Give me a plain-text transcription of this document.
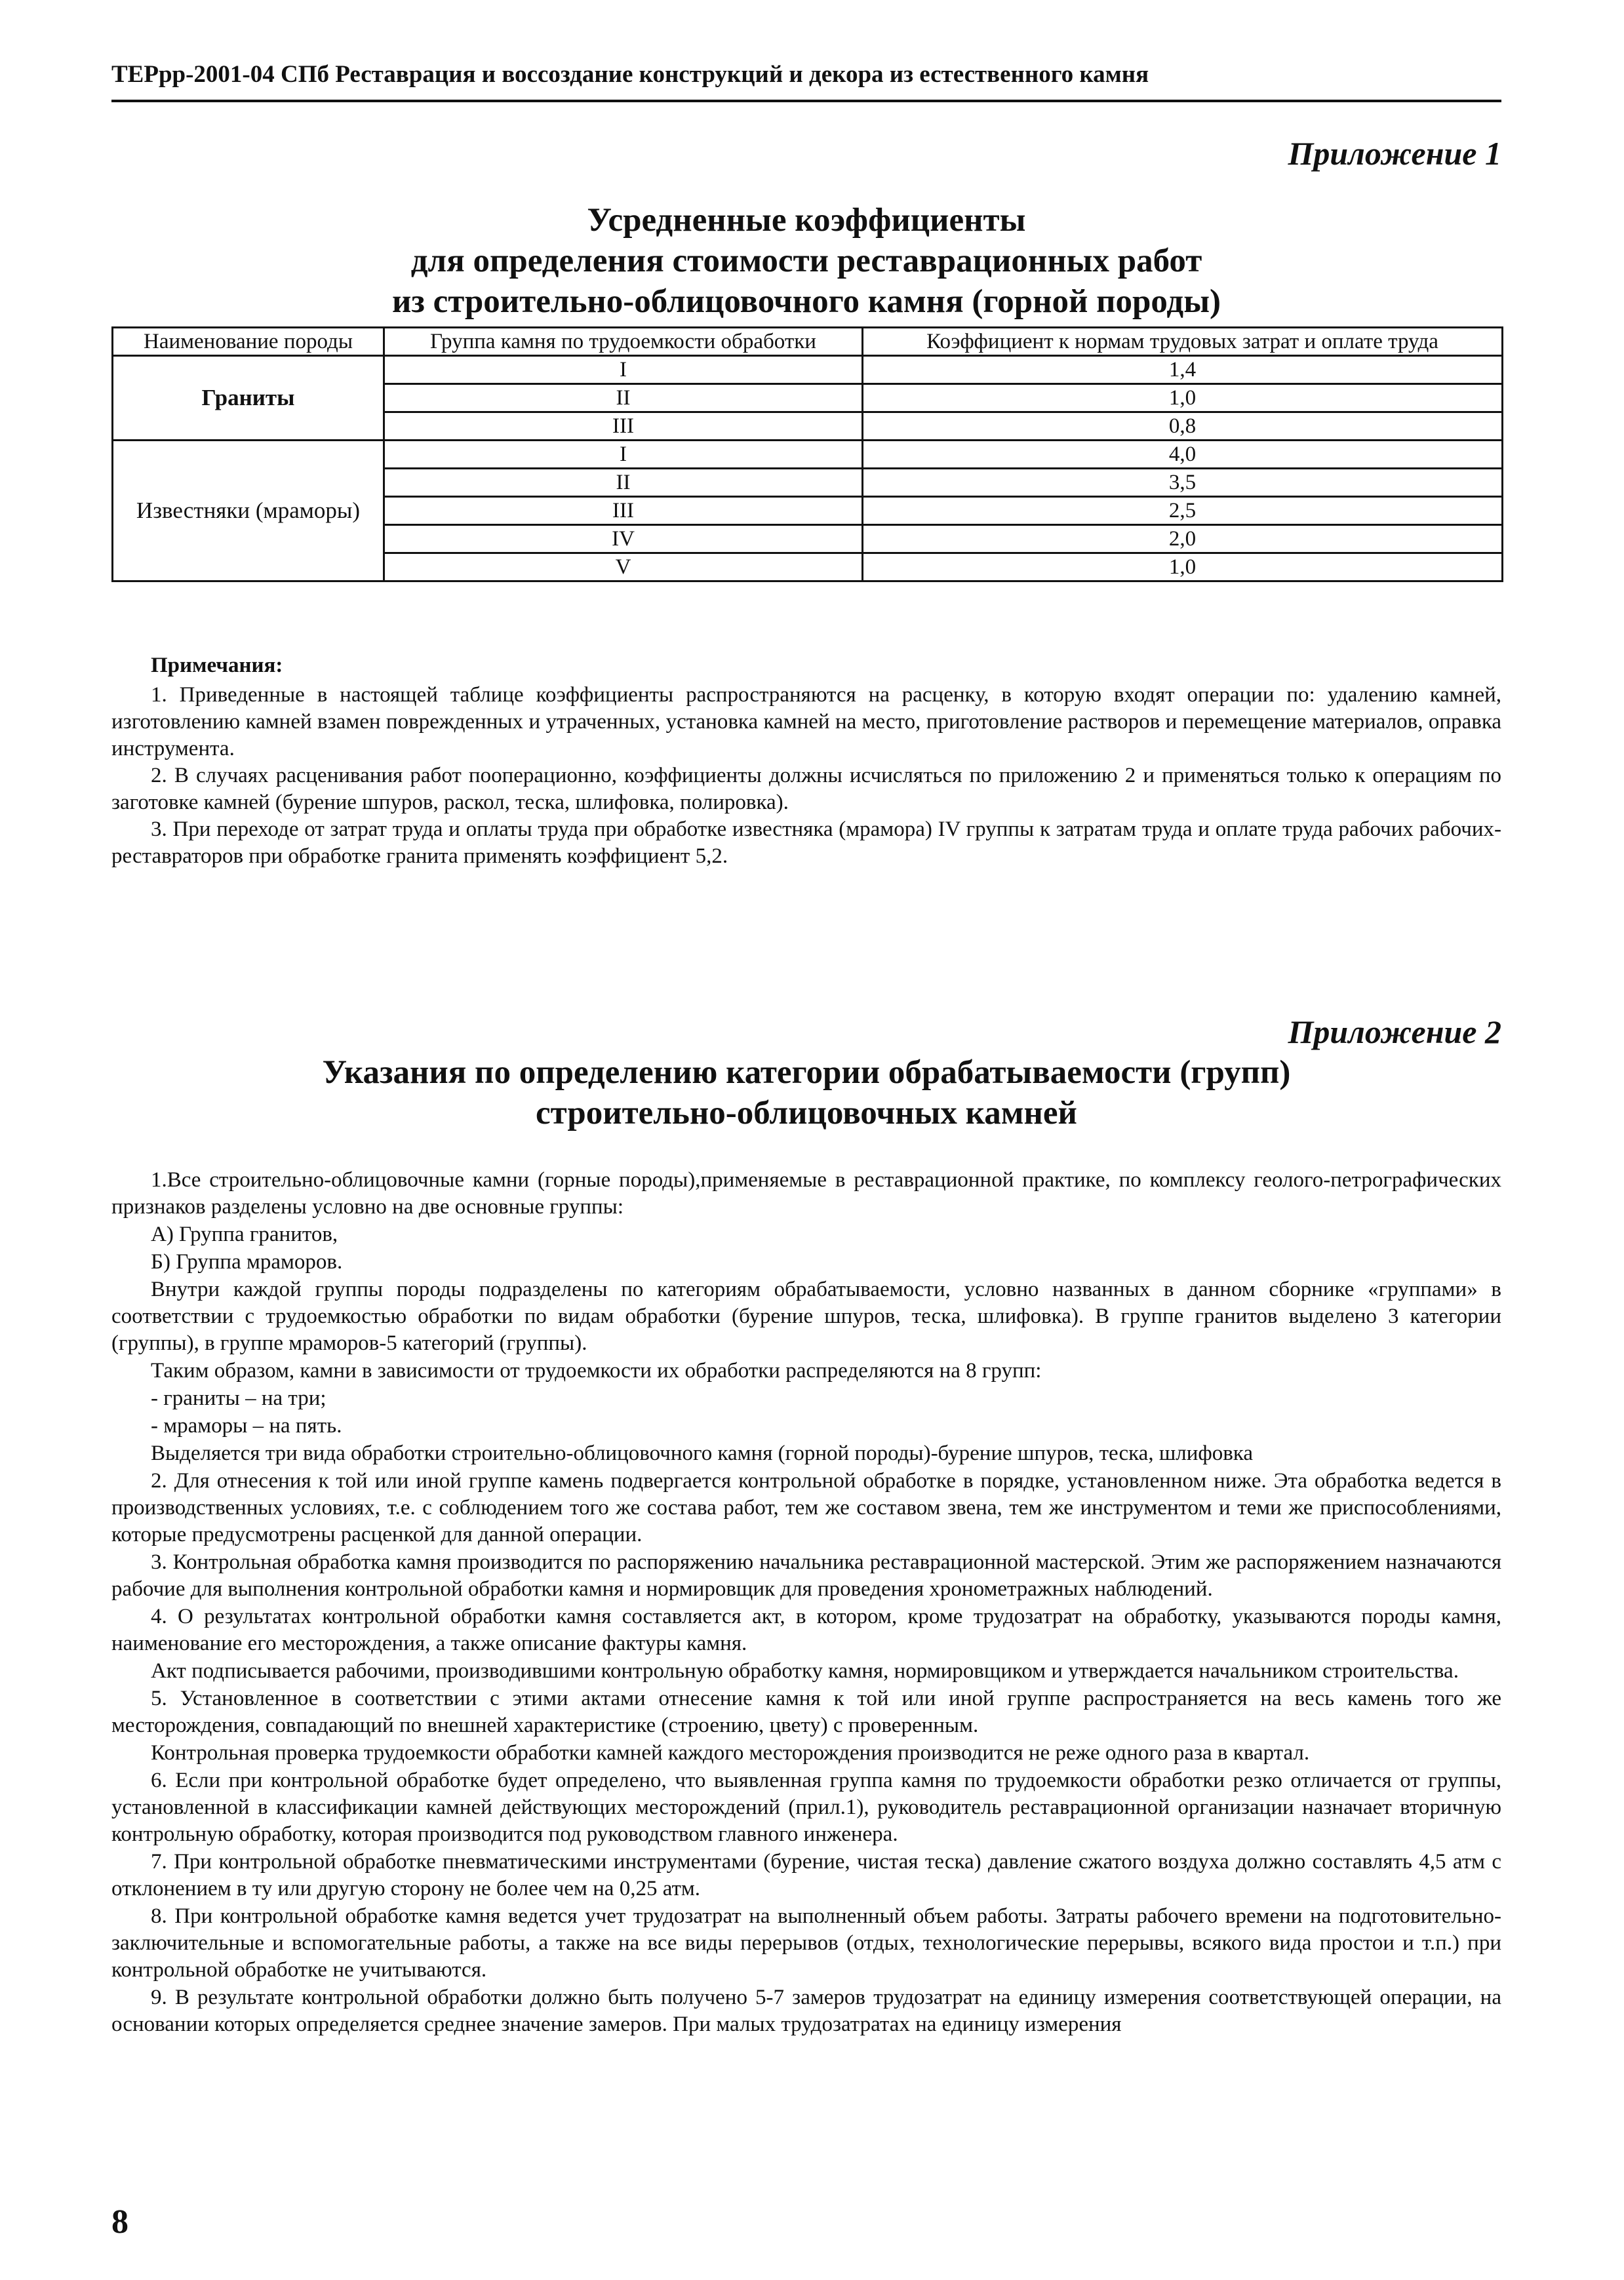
ТЕРрр-2001-04 СПб Реставрация и воссоздание конструкций и декора из естественного камня
Приложение 1
Усредненные коэффициенты
для определения стоимости реставрационных работ
из строительно-облицовочного камня (горной породы)
Наименование породы	Группа камня по трудоемкости обработки	Коэффициент к нормам трудовых затрат и оплате труда
Граниты	I	1,4
	II	1,0
	III	0,8
Известняки (мраморы)	I	4,0
	II	3,5
	III	2,5
	IV	2,0
	V	1,0

Примечания:

1. Приведенные в настоящей таблице коэффициенты распространяются на расценку, в которую входят операции по: удалению камней, изготовлению камней взамен поврежденных и утраченных, установка камней на место, приготовление растворов и перемещение материалов, оправка инструмента.

2. В случаях расценивания работ пооперационно, коэффициенты должны исчисляться по приложению 2 и применяться только к операциям по заготовке камней (бурение шпуров, раскол, теска, шлифовка, полировка).

3. При переходе от затрат труда и оплаты труда при обработке известняка (мрамора) IV группы к затратам труда и оплате труда рабочих рабочих-реставраторов при обработке гранита применять коэффициент 5,2.

Приложение 2
Указания по определению категории обрабатываемости (групп)
строительно-облицовочных камней

1.Все строительно-облицовочные камни (горные породы),применяемые в реставрационной практике, по комплексу геолого-петрографических признаков разделены условно на две основные группы:

А) Группа гранитов,

Б) Группа мраморов.

Внутри каждой группы породы подразделены по категориям обрабатываемости, условно названных в данном сборнике «группами» в соответствии с трудоемкостью обработки по видам обработки (бурение шпуров, теска, шлифовка). В группе гранитов выделено 3 категории (группы), в группе мраморов-5 категорий (группы).

Таким образом, камни в зависимости от трудоемкости их обработки распределяются на 8 групп:

- граниты – на три;

- мраморы – на пять.

Выделяется три вида обработки строительно-облицовочного камня (горной породы)-бурение шпуров, теска, шлифовка

2. Для отнесения к той или иной группе камень подвергается контрольной обработке в порядке, установленном ниже. Эта обработка ведется в производственных условиях, т.е. с соблюдением того же состава работ, тем же составом звена, тем же инструментом и теми же приспособлениями, которые предусмотрены расценкой для данной операции.

3. Контрольная обработка камня производится по распоряжению начальника реставрационной мастерской. Этим же распоряжением назначаются рабочие для выполнения контрольной обработки камня и нормировщик для проведения хронометражных наблюдений.

4. О результатах контрольной обработки камня составляется акт, в котором, кроме трудозатрат на обработку, указываются породы камня, наименование его месторождения, а также описание фактуры камня.

Акт подписывается рабочими, производившими контрольную обработку камня, нормировщиком и утверждается начальником строительства.

5. Установленное в соответствии с этими актами отнесение камня к той или иной группе распространяется на весь камень того же месторождения, совпадающий по внешней характеристике (строению, цвету) с проверенным.

Контрольная проверка трудоемкости обработки камней каждого месторождения производится не реже одного раза в квартал.

6. Если при контрольной обработке будет определено, что выявленная группа камня по трудоемкости обработки резко отличается от группы, установленной в классификации камней действующих месторождений (прил.1), руководитель реставрационной организации назначает вторичную контрольную обработку, которая производится под руководством главного инженера.

7. При контрольной обработке пневматическими инструментами (бурение, чистая теска) давление сжатого воздуха должно составлять 4,5 атм с отклонением в ту или другую сторону не более чем на 0,25 атм.

8. При контрольной обработке камня ведется учет трудозатрат на выполненный объем работы. Затраты рабочего времени на подготовительно-заключительные и вспомогательные работы, а также на все виды перерывов (отдых, технологические перерывы, всякого вида простои и т.п.) при контрольной обработке не учитываются.

9. В результате контрольной обработки должно быть получено 5-7 замеров трудозатрат на единицу измерения соответствующей операции, на основании которых определяется среднее значение замеров. При малых трудозатратах на единицу измерения

8
